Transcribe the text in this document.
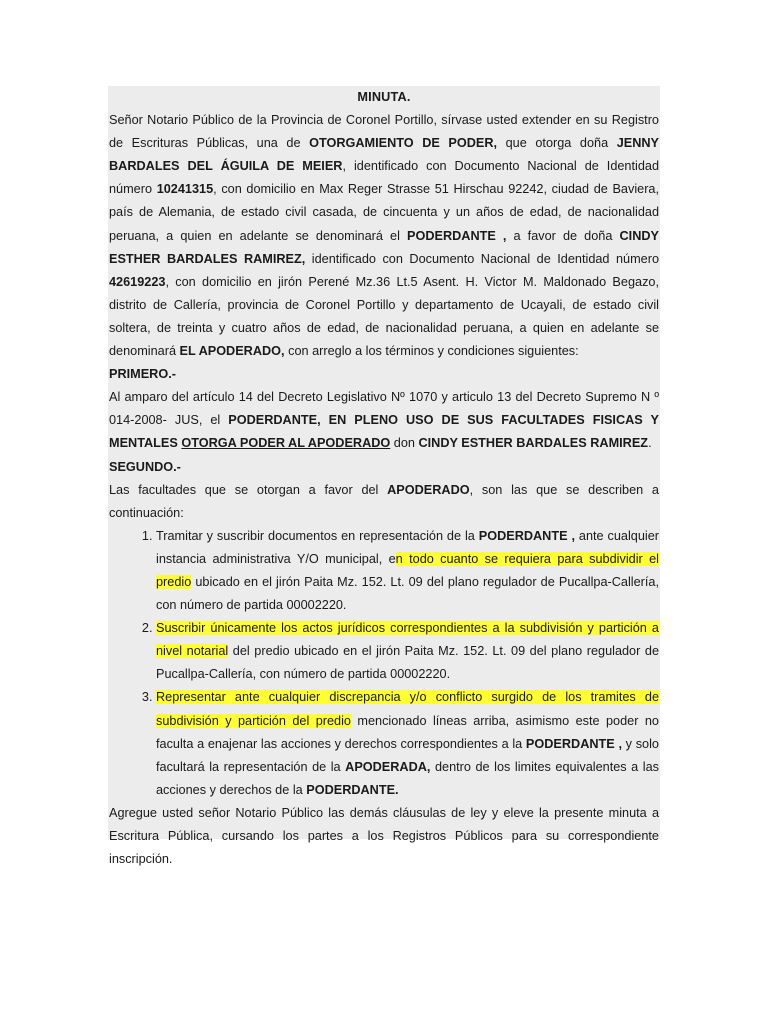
MINUTA.

Señor Notario Público de la Provincia de Coronel Portillo, sírvase usted extender en su Registro de Escrituras Públicas, una de OTORGAMIENTO DE PODER, que otorga doña JENNY BARDALES DEL ÁGUILA DE MEIER, identificado con Documento Nacional de Identidad número 10241315, con domicilio en Max Reger Strasse 51 Hirschau 92242, ciudad de Baviera, país de Alemania, de estado civil casada, de cincuenta y un años de edad, de nacionalidad peruana, a quien en adelante se denominará el PODERDANTE , a favor de doña CINDY ESTHER BARDALES RAMIREZ, identificado con Documento Nacional de Identidad número 42619223, con domicilio en jirón Perené Mz.36 Lt.5 Asent. H. Victor M. Maldonado Begazo, distrito de Callería, provincia de Coronel Portillo y departamento de Ucayali, de estado civil soltera, de treinta y cuatro años de edad, de nacionalidad peruana, a quien en adelante se denominará EL APODERADO, con arreglo a los términos y condiciones siguientes:

PRIMERO.-

Al amparo del artículo 14 del Decreto Legislativo Nº 1070 y articulo 13 del Decreto Supremo N º 014-2008- JUS, el PODERDANTE, EN PLENO USO DE SUS FACULTADES FISICAS Y MENTALES OTORGA PODER AL APODERADO don CINDY ESTHER BARDALES RAMIREZ.

SEGUNDO.-

Las facultades que se otorgan a favor del APODERADO, son las que se describen a continuación:

1. Tramitar y suscribir documentos en representación de la PODERDANTE , ante cualquier instancia administrativa Y/O municipal, en todo cuanto se requiera para subdividir el predio ubicado en el jirón Paita Mz. 152. Lt. 09 del plano regulador de Pucallpa-Callería, con número de partida 00002220.
2. Suscribir únicamente los actos jurídicos correspondientes a la subdivisión y partición a nivel notarial del predio ubicado en el jirón Paita Mz. 152. Lt. 09 del plano regulador de Pucallpa-Callería, con número de partida 00002220.
3. Representar ante cualquier discrepancia y/o conflicto surgido de los tramites de subdivisión y partición del predio mencionado líneas arriba, asimismo este poder no faculta a enajenar las acciones y derechos correspondientes a la PODERDANTE , y solo facultará la representación de la APODERADA, dentro de los limites equivalentes a las acciones y derechos de la PODERDANTE.

Agregue usted señor Notario Público las demás cláusulas de ley y eleve la presente minuta a Escritura Pública, cursando los partes a los Registros Públicos para su correspondiente inscripción.
